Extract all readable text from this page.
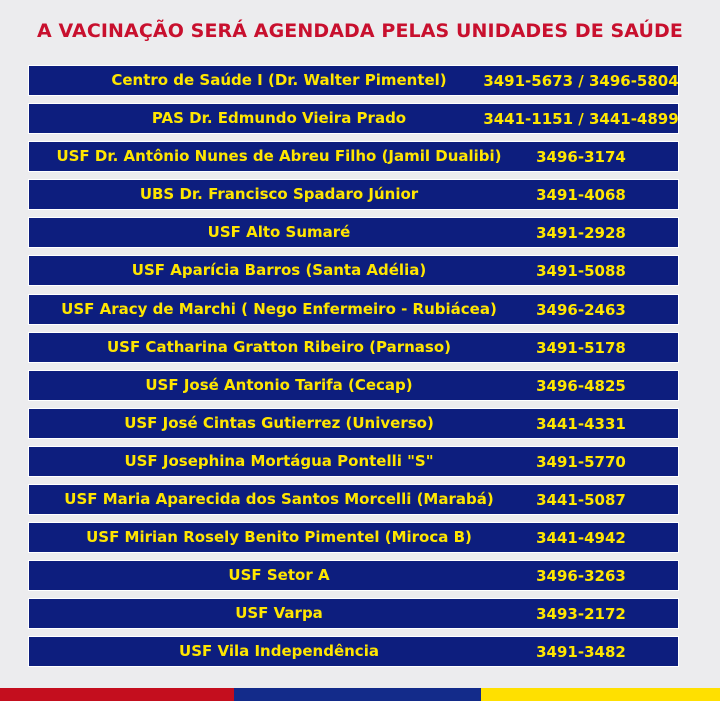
A VACINAÇÃO SERÁ AGENDADA PELAS UNIDADES DE SAÚDE
Centro de Saúde I (Dr. Walter Pimentel)	3491-5673 / 3496-5804
PAS Dr. Edmundo Vieira Prado	3441-1151 / 3441-4899
USF Dr. Antônio Nunes de Abreu Filho (Jamil Dualibi)	3496-3174
UBS Dr. Francisco Spadaro Júnior	3491-4068
USF Alto Sumaré	3491-2928
USF Aparícia Barros (Santa Adélia)	3491-5088
USF Aracy de Marchi ( Nego Enfermeiro - Rubiácea)	3496-2463
USF Catharina Gratton Ribeiro (Parnaso)	3491-5178
USF José Antonio Tarifa (Cecap)	3496-4825
USF José Cintas Gutierrez (Universo)	3441-4331
USF Josephina Mortágua Pontelli "S"	3491-5770
USF Maria Aparecida dos Santos Morcelli (Marabá)	3441-5087
USF Mirian Rosely Benito Pimentel (Miroca B)	3441-4942
USF Setor A	3496-3263
USF Varpa	3493-2172
USF Vila Independência	3491-3482
